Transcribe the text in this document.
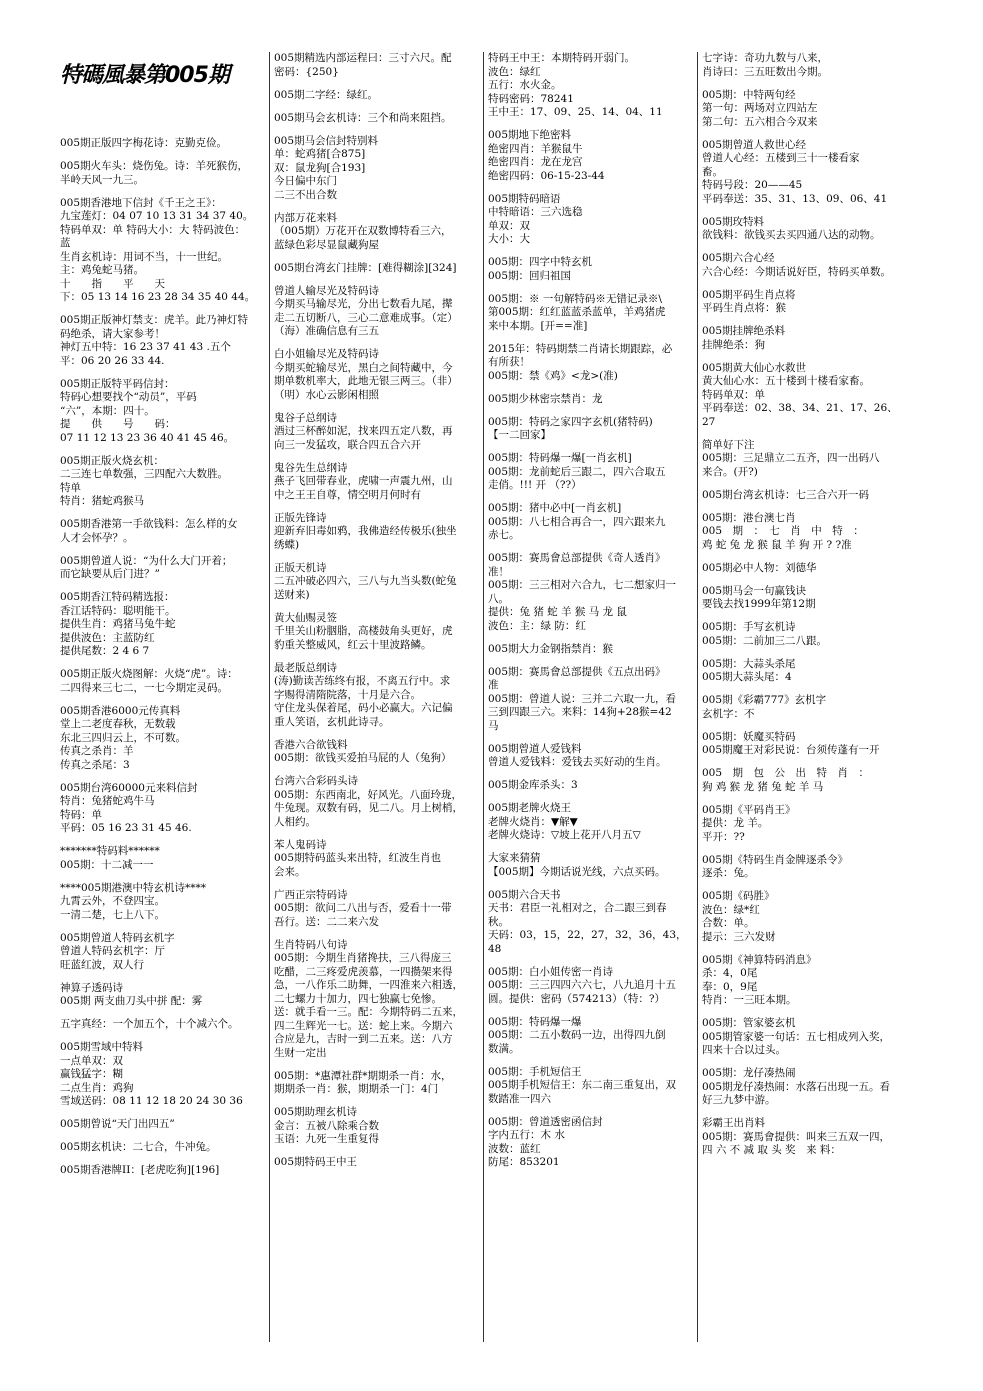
特碼風暴第005期
005期正版四字梅花诗：克勤克俭。
005期火车头：烧伤兔。诗：羊死猴伤，
半岭天风一九三。
005期香港地下信封《千王之王》：
九宝莲灯：04 07 10 13 31 34 37 40。
特码单双：单 特码大小：大 特码波色：
蓝
生肖玄机诗：用词不当，十一世纪。
主：鸡兔蛇马猪。
十　　指　　平　　天
下：05 13 14 16 23 28 34 35 40 44。
005期正版神灯禁支：虎羊。此乃神灯特
码绝杀，请大家参考！
神灯五中特：16 23 37 41 43 .五个
平：06 20 26 33 44.
005期正版特平码信封：
特码心想要找个“动员”，平码
“六”，本期：四十。
提　　供　　号　　码：
07 11 12 13 23 36 40 41 45 46。
005期正版火烧玄机：
二三连七单数强，三四配六大数胜。
特单
特肖：猪蛇鸡猴马
005期香港第一手欲钱料：怎么样的女
人才会怀孕？。
005期曾道人说：“为什么大门开着；
而它缺要从后门进？”
005期香江特码精选报：
香江话特码：聪明能干。
提供生肖：鸡猪马兔牛蛇
提供波色：主蓝防红
提供尾数：2 4 6 7
005期正版火烧图解：火烧“虎”。诗：
二四得来三七二，一七今期定灵码。
005期香港6000元传真料
堂上二老度春秋，无数载
东北三四归云上，不可数。
传真之杀肖：羊
传真之杀尾：3
005期台湾60000元来料信封
特肖：兔猪蛇鸡牛马
特码：单
平码：05 16 23 31 45 46.
*******特码料******
005期：十二减一一
****005期港澳中特玄机诗****
九霄云外，不登四宝。
一清二楚，七上八下。
005期曾道人特码玄机字
曾道人特码玄机字：厅
旺蓝红波，双人行
神算子透码诗
005期 两支曲刀头中拼 配：雾
五字真经：一个加五个，十个减六个。
005期雪域中特料
一点单双：双
赢钱猛字：糊
二点生肖：鸡狗
雪域送码：08 11 12 18 20 24 30 36
005期曾说“天门出四五”
005期玄机诀：二七合，牛冲兔。
005期香港牌II：[老虎吃狗][196]
005期精选内部运程曰：三寸六尺。配
密码：{250}
005期二字经：绿红。
005期马会玄机诗：三个和尚来阻挡。
005期马会信封特别料
单：蛇鸡猪[合875]
双：鼠龙狗[合193]
今日偏中东门
二三不出合数
内部万花来料
（005期）万花开在双数博特看三六，
蓝绿色彩尽显鼠藏狗屋
005期台湾玄门挂牌：[难得糊涂][324]
曾道人输尽光及特码诗
今期买马输尽光，分出七数看九尾，撵
走二五切断八，三心二意难成事。（定）
（海）准确信息有三五
白小姐输尽光及特码诗
今期买蛇输尽光，黑白之间特藏中，今
期单数机率大，此地无银三两三。（非）
（明）水心云影闲相照
鬼谷子总纲诗
酒过三杯醉如泥，找来四五定八数，再
向三一发猛攻，联合四五合六开
鬼谷先生总纲诗
燕子飞回带春业，虎啸一声震九州，山
中之王王自尊，情空明月何时有
正版先锋诗
迎新弃旧毒如鸦，我佛造经传极乐(独坐
绣蝶)
正版天机诗
二五冲破必四六，三八与九当头数(蛇兔
送财来)
黄大仙赐灵签
千里关山粉胭脂，高楼鼓角头更好，虎
豹重关整威风，红云十里波路鳞。
最老版总纲诗
(涛)勤读苦练终有报，不离五行中。求
字赐得清隋院落，十月是六合。
守住龙头保着尾，码小必赢大。六记偏
重人笑语，玄机此诗寻。
香港六合欲钱料
005期：欲钱买爱拍马屁的人（兔狗）
台湾六合彩码头诗
005期：东西南北，好风光。八面玲珑，
牛兔现。双数有码，见二八。月上树梢，
人相约。
苯人鬼码诗
005期特码蓝头来出特，红波生肖也
会来。
广西正宗特码诗
005期：欲问二八出与否，爱看十一带
吾行。送：二二来六发
生肖特码八句诗
005期：今期生肖猪搀扶，三八得庞三
吃醋，二三疼爱虎羡慕，一四攒架来得
急，一八作乐二助舞，一四淮来六相透，
二七螺力十加力，四七独赢七免惨。
送：就手看一三。配：今期特码二五来，
四二生辉光一七。送：蛇上来。今期六
合应是九，吉时一到二五来。送：八方
生财一定出
005期：*惠潭社群*期期杀一肖：水，
期期杀一肖：猴，期期杀一门：4门
005期助理玄机诗
金言：五被八除乘合数
玉语：九死一生重复得
005期特码王中王
特码王中王：本期特码开弱门。
波色：绿红
五行：水火金。
特码密码：78241
王中王：17、09、25、14、04、11
005期地下绝密料
绝密四肖：羊猴鼠牛
绝密四肖：龙在龙宫
绝密四码：06-15-23-44
005期特码暗语
中特暗语：三六选稳
单双：双
大小：大
005期：四字中特玄机
005期：回归祖国
005期：※ 一句解特码※无错记录※\
第005期：红红蓝蓝杀蓝单，羊鸡猪虎
来中本期。[开==准]
2015年：特码期禁二肖请长期跟踪，必
有所获！
005期：禁《鸡》<龙>(准)
005期少林密宗禁肖：龙
005期：特码之家四字玄机(猪特码)
【一二回家】
005期：特码爆一爆[一肖玄机]
005期：龙前蛇后三跟二，四六合取五
走俏。!!! 开 （??）
005期：猪中必中[一肖玄机]
005期：八七相合再合一，四六跟来九
赤七。
005期：赛馬會总部提供《奇人透肖》
准！
005期：三三相对六合九，七二想家归一
八。
提供：兔 猪 蛇 羊 猴 马 龙 鼠
波色：主：绿 防：红
005期大力金钢指禁肖：猴
005期：赛馬會总部提供《五点出码》
准
005期：曾道人说：三并二六取一九，看
三到四跟三六。来料：14狗+28猴=42
马
005期曾道人爱钱料
曾道人爱钱料：爱钱去买好动的生肖。
005期金库杀头：3
005期老牌火烧王
老牌火烧肖：▼解▼
老牌火烧诗：▽坡上花开八月五▽
大家来猜猜
【005期】今期话说光线，六点买码。
005期六合天书
天书：君臣一礼相对之，合二跟三到春
秋。
天码：03，15，22，27，32，36，43，
48
005期：白小姐传密一肖诗
005期：三三四四六六七，八九追月十五
圆。提供：密码（574213）（特：?）
005期：特码爆一爆
005期：二五小数码一边，出得四九倒
数满。
005期：手机短信王
005期手机短信王：东二南三重复出，双
数踏准一四六
005期：曾道透密函信封
字内五行：木 水
波数：蓝红
防尾：853201
七字诗：奇功九数与八来，
肖诗曰：三五旺数出今期。
005期：中特两句经
第一句：两场对立四站左
第二句：五六相合今双来
005期曾道人救世心经
曾道人心经：五楼到三十一楼看家
畜。
特码号段：20——45
平码奉送：35、31、13、09、06、41
005期玫特料
欲钱料：欲钱买去买四通八达的动物。
005期六合心经
六合心经：今期话说好臣，特码买单数。
005期平码生肖点将
平码生肖点将：猴
005期挂牌绝杀料
挂牌绝杀：狗
005期黄大仙心水救世
黄大仙心水：五十楼到十楼看家畜。
特码单双：单
平码奉送：02、38、34、21、17、26、
27
简单好下注
005期：三足鼎立二五齐，四一出码八
来合。(开?)
005期台湾玄机诗：七三合六开一码
005期：港台澳七肖
005　期　：　七　肖　中　特　：
鸡 蛇 兔 龙 猴 鼠 羊 狗 开 ? ?准
005期必中人物：刘德华
005期马会一句赢钱诀
要钱去找1999年第12期
005期：手写玄机诗
005期：二前加三二八跟。
005期：大蒜头杀尾
005期大蒜头尾：4
005期《彩霸777》玄机字
玄机字：不
005期：妖魔买特码
005期魔王对彩民说：台须传蓬有一开
005　期　包　公　出　特　肖　：
狗 鸡 猴 龙 猪 兔 蛇 羊 马
005期《平码肖王》
提供：龙 羊。
平开：??
005期《特码生肖金牌逐杀令》
逐杀：兔。
005期《码胜》
波色：绿*红
合数：单。
提示：三六发财
005期《神算特码消息》
杀：4，0尾
奉：0，9尾
特肖：一三旺本期。
005期：管家婆玄机
005期管家婆一句话：五七相成列入奖，
四来十合以过头。
005期：龙仔凑热闹
005期龙仔凑热闹：水落石出现一五。看
好三九梦中游。
彩霸王出肖料
005期：赛馬會提供：叫来三五双一四，
四 六 不 减 取 头 奖　来 料：
